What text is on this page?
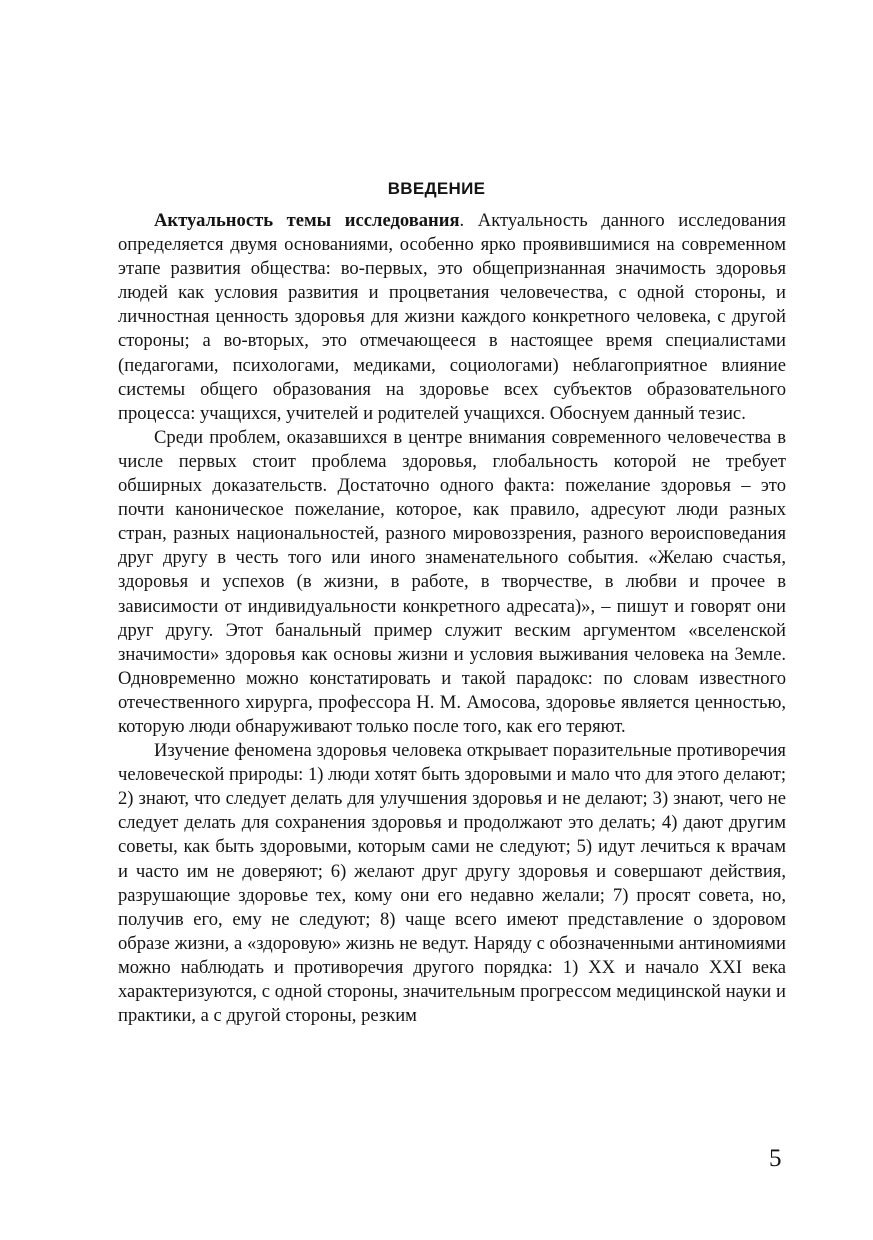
ВВЕДЕНИЕ

Актуальность темы исследования. Актуальность данного исследования определяется двумя основаниями, особенно ярко проявившимися на современном этапе развития общества: во-первых, это общепризнанная значимость здоровья людей как условия развития и процветания человечества, с одной стороны, и личностная ценность здоровья для жизни каждого конкретного человека, с другой стороны; а во-вторых, это отмечающееся в настоящее время специалистами (педагогами, психологами, медиками, социологами) неблагоприятное влияние системы общего образования на здоровье всех субъектов образовательного процесса: учащихся, учителей и родителей учащихся. Обоснуем данный тезис.

Среди проблем, оказавшихся в центре внимания современного человечества в числе первых стоит проблема здоровья, глобальность которой не требует обширных доказательств. Достаточно одного факта: пожелание здоровья – это почти каноническое пожелание, которое, как правило, адресуют люди разных стран, разных национальностей, разного мировоззрения, разного вероисповедания друг другу в честь того или иного знаменательного события. «Желаю счастья, здоровья и успехов (в жизни, в работе, в творчестве, в любви и прочее в зависимости от индивидуальности конкретного адресата)», – пишут и говорят они друг другу. Этот банальный пример служит веским аргументом «вселенской значимости» здоровья как основы жизни и условия выживания человека на Земле. Одновременно можно констатировать и такой парадокс: по словам известного отечественного хирурга, профессора Н. М. Амосова, здоровье является ценностью, которую люди обнаруживают только после того, как его теряют.

Изучение феномена здоровья человека открывает поразительные противоречия человеческой природы: 1) люди хотят быть здоровыми и мало что для этого делают; 2) знают, что следует делать для улучшения здоровья и не делают; 3) знают, чего не следует делать для сохранения здоровья и продолжают это делать; 4) дают другим советы, как быть здоровыми, которым сами не следуют; 5) идут лечиться к врачам и часто им не доверяют; 6) желают друг другу здоровья и совершают действия, разрушающие здоровье тех, кому они его недавно желали; 7) просят совета, но, получив его, ему не следуют; 8) чаще всего имеют представление о здоровом образе жизни, а «здоровую» жизнь не ведут. Наряду с обозначенными антиномиями можно наблюдать и противоречия другого порядка: 1) XX и начало XXI века характеризуются, с одной стороны, значительным прогрессом медицинской науки и практики, а с другой стороны, резким

5
